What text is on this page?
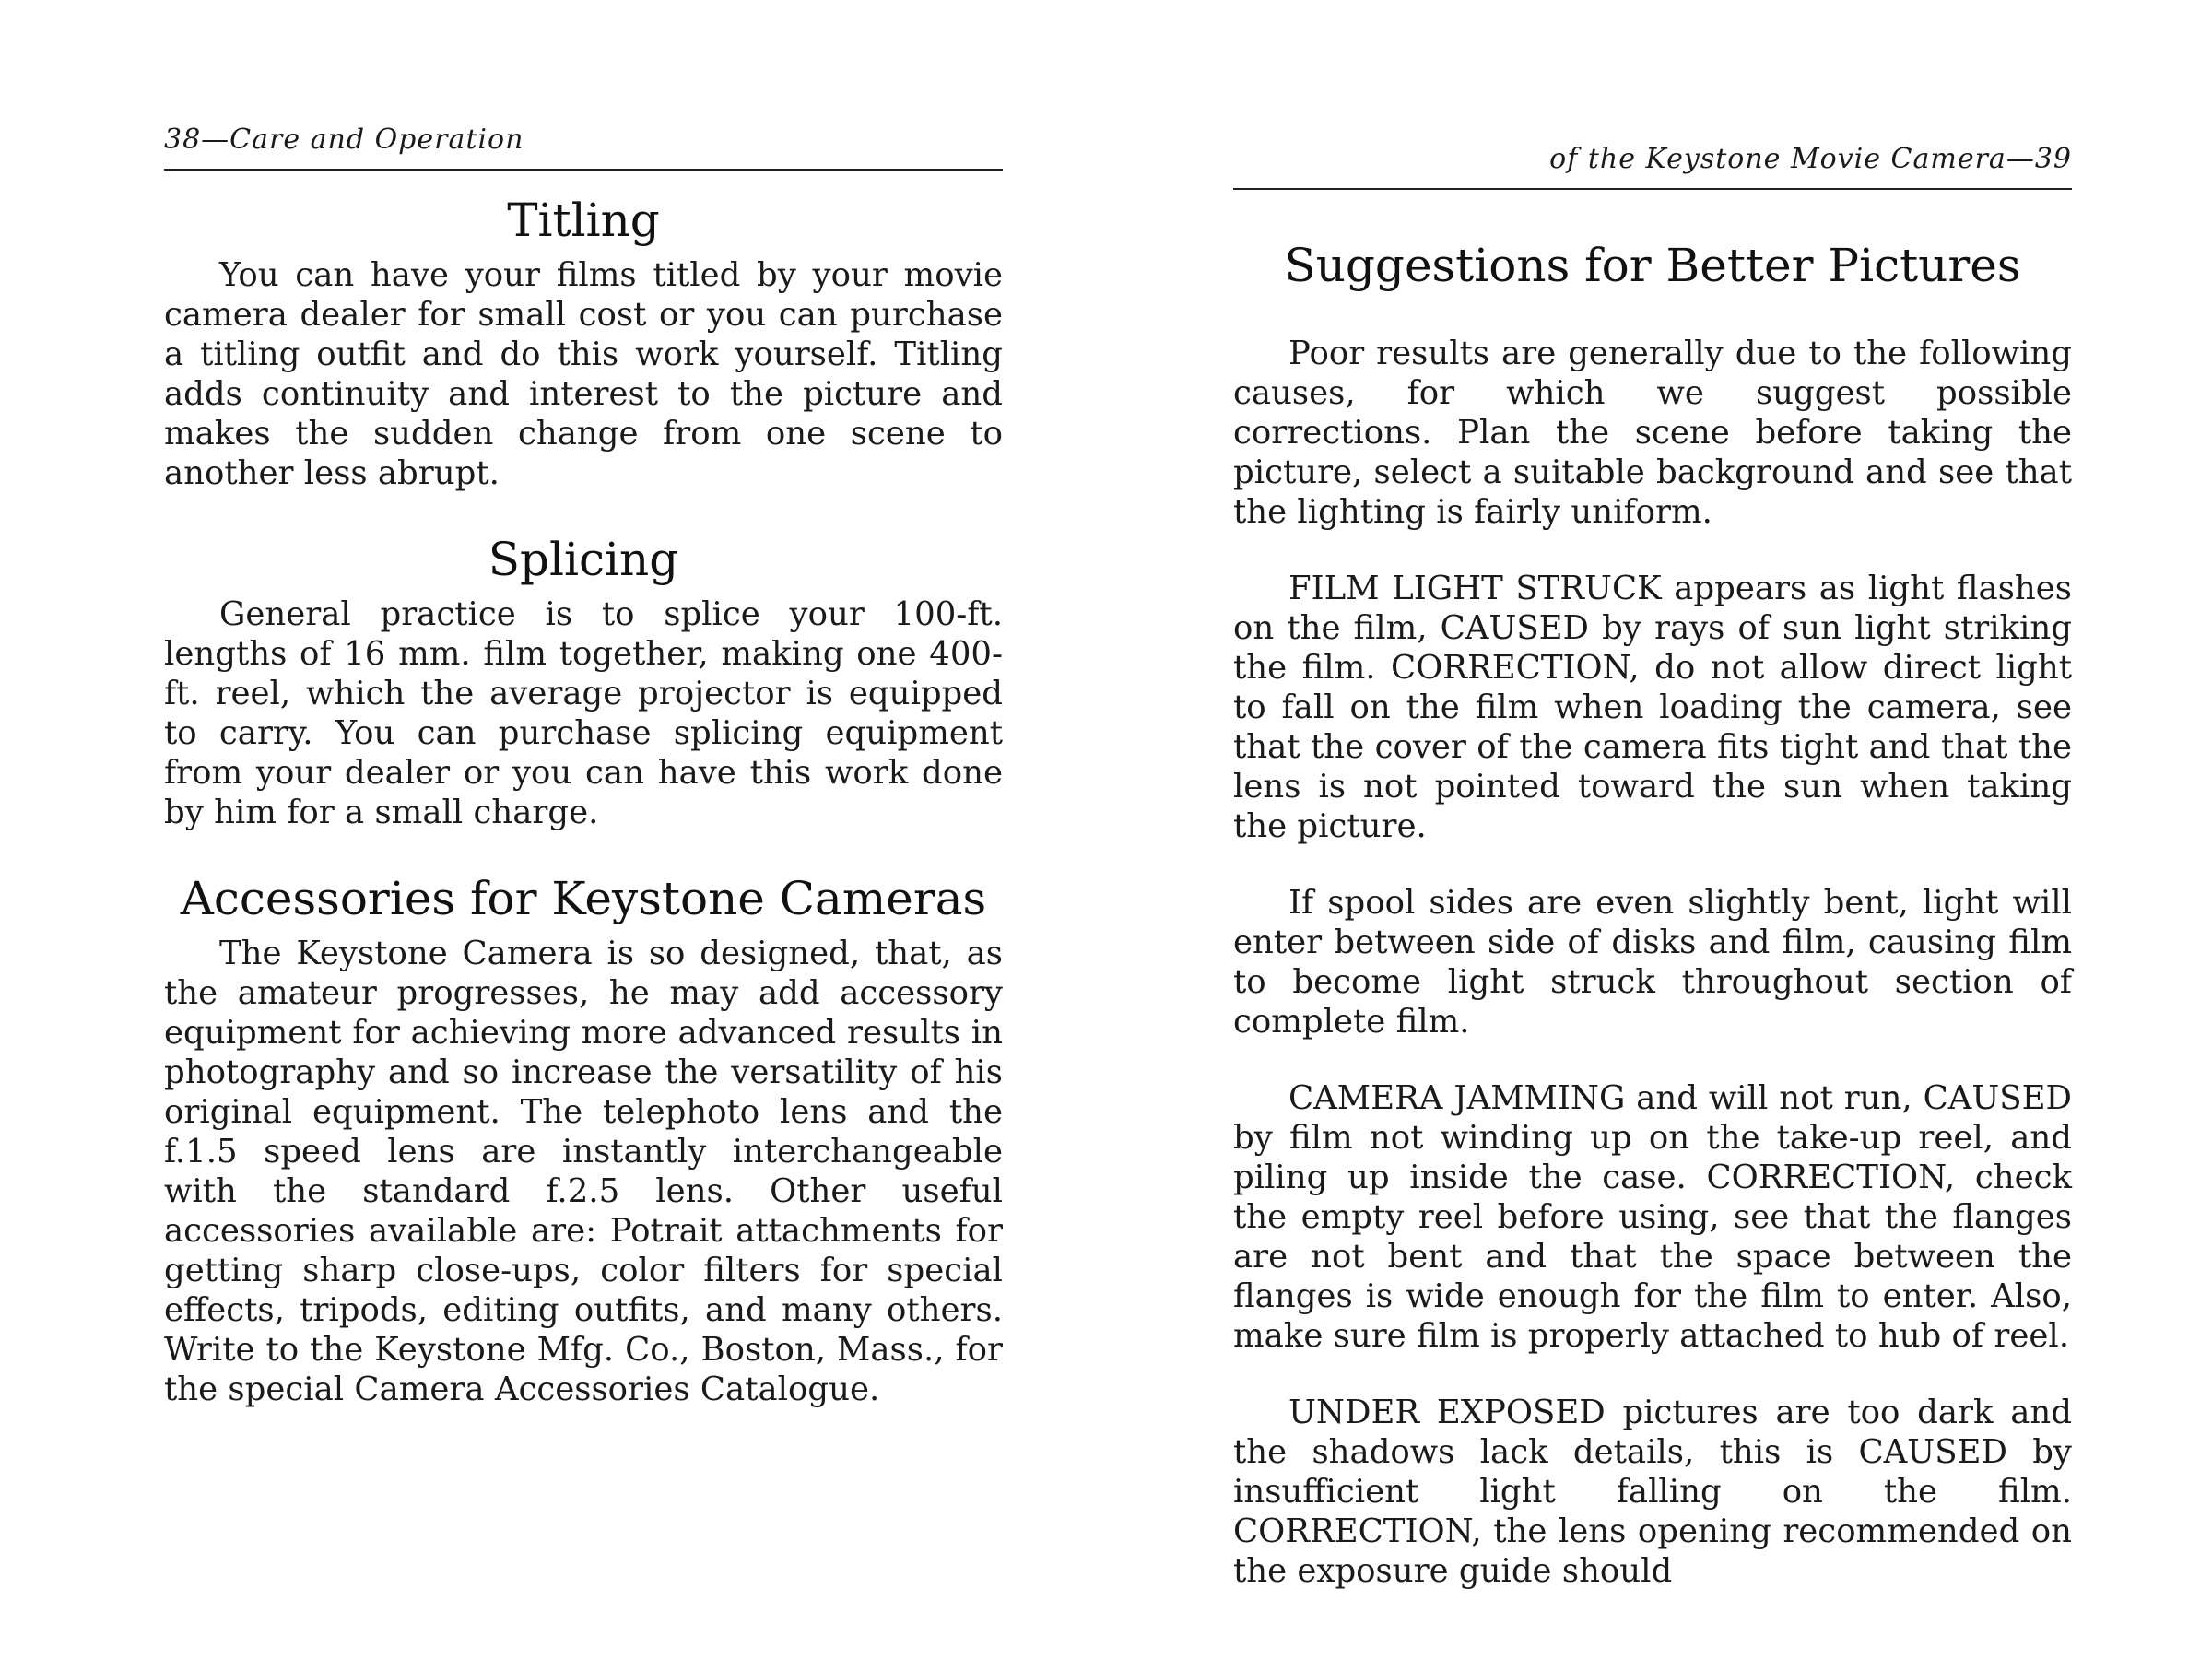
38—Care and Operation
Titling

You can have your films titled by your movie camera dealer for small cost or you can purchase a titling outfit and do this work yourself. Titling adds continuity and interest to the picture and makes the sudden change from one scene to another less abrupt.

Splicing

General practice is to splice your 100-ft. lengths of 16 mm. film together, making one 400-ft. reel, which the average projector is equipped to carry. You can purchase splicing equipment from your dealer or you can have this work done by him for a small charge.

Accessories for Keystone Cameras

The Keystone Camera is so designed, that, as the amateur progresses, he may add accessory equipment for achieving more advanced results in photography and so increase the versatility of his original equipment. The telephoto lens and the f.1.5 speed lens are instantly interchangeable with the standard f.2.5 lens. Other useful accessories available are: Potrait attachments for getting sharp close-ups, color filters for special effects, tripods, editing outfits, and many others. Write to the Keystone Mfg. Co., Boston, Mass., for the special Camera Accessories Catalogue.

of the Keystone Movie Camera—39
Suggestions for Better Pictures

Poor results are generally due to the following causes, for which we suggest possible corrections. Plan the scene before taking the picture, select a suitable background and see that the lighting is fairly uniform.

FILM LIGHT STRUCK appears as light flashes on the film, CAUSED by rays of sun light striking the film. CORRECTION, do not allow direct light to fall on the film when loading the camera, see that the cover of the camera fits tight and that the lens is not pointed toward the sun when taking the picture.

If spool sides are even slightly bent, light will enter between side of disks and film, causing film to become light struck throughout section of complete film.

CAMERA JAMMING and will not run, CAUSED by film not winding up on the take-up reel, and piling up inside the case. CORRECTION, check the empty reel before using, see that the flanges are not bent and that the space between the flanges is wide enough for the film to enter. Also, make sure film is properly attached to hub of reel.

UNDER EXPOSED pictures are too dark and the shadows lack details, this is CAUSED by insufficient light falling on the film. CORRECTION, the lens opening recommended on the exposure guide should
